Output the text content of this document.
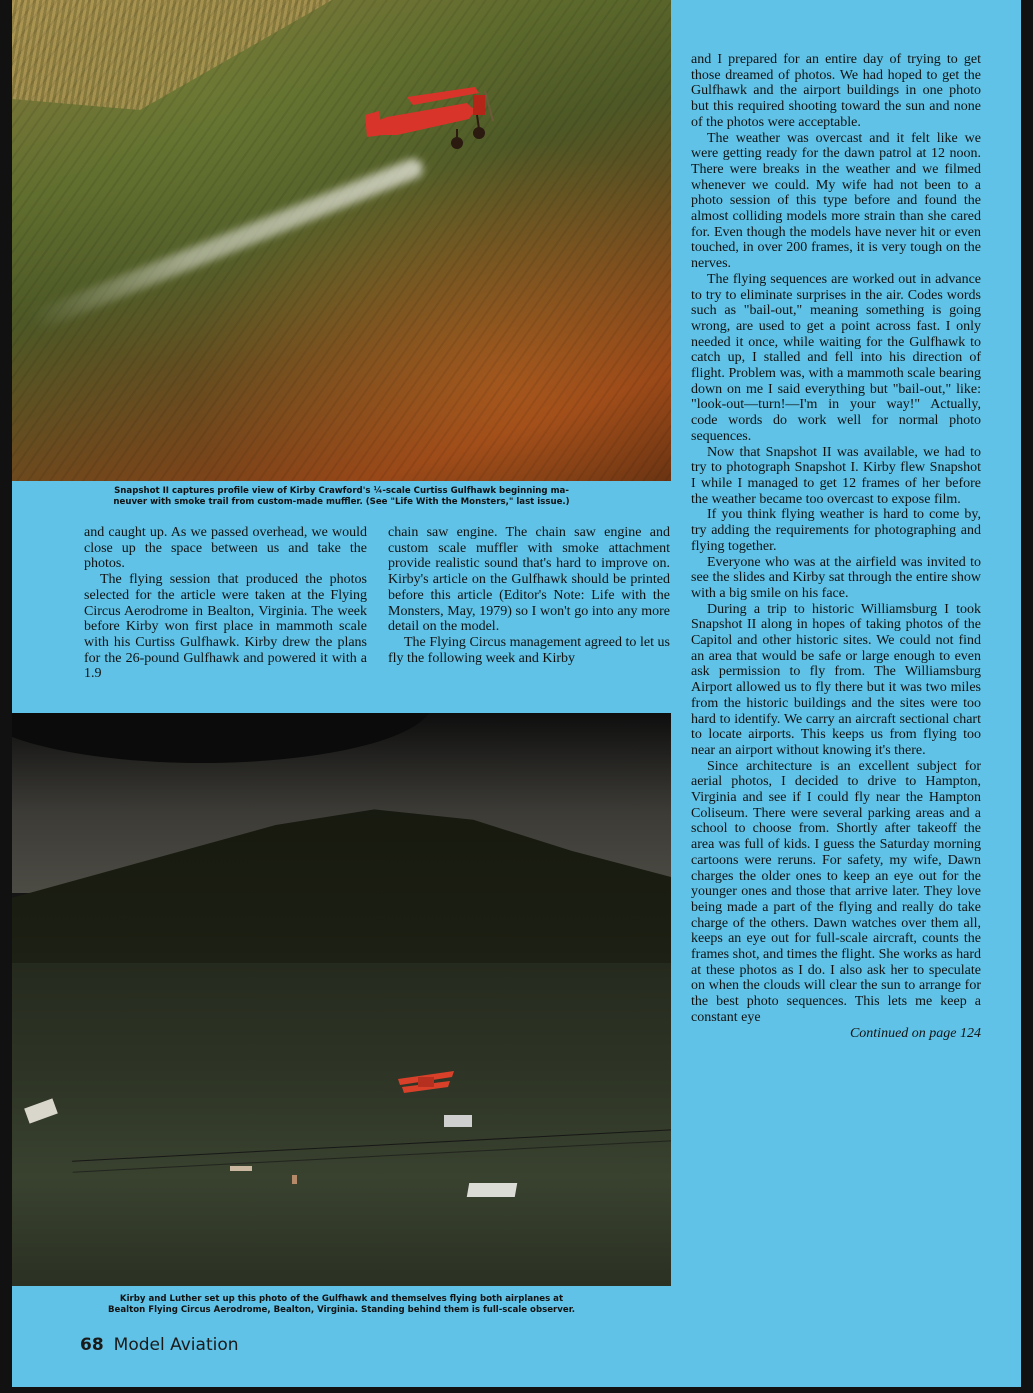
Snapshot II captures profile view of Kirby Crawford's ¼-scale Curtiss Gulfhawk beginning ma-
neuver with smoke trail from custom-made muffler. (See "Life With the Monsters," last issue.)

and caught up. As we passed overhead, we would close up the space between us and take the photos.

The flying session that produced the photos selected for the article were taken at the Flying Circus Aerodrome in Bealton, Virginia. The week before Kirby won first place in mammoth scale with his Curtiss Gulfhawk. Kirby drew the plans for the 26-pound Gulfhawk and powered it with a 1.9

chain saw engine. The chain saw engine and custom scale muffler with smoke attachment provide realistic sound that's hard to improve on. Kirby's article on the Gulfhawk should be printed before this article (Editor's Note: Life with the Monsters, May, 1979) so I won't go into any more detail on the model.

The Flying Circus management agreed to let us fly the following week and Kirby

Kirby and Luther set up this photo of the Gulfhawk and themselves flying both airplanes at
Bealton Flying Circus Aerodrome, Bealton, Virginia. Standing behind them is full-scale observer.

and I prepared for an entire day of trying to get those dreamed of photos. We had hoped to get the Gulfhawk and the airport buildings in one photo but this required shooting toward the sun and none of the photos were acceptable.

The weather was overcast and it felt like we were getting ready for the dawn patrol at 12 noon. There were breaks in the weather and we filmed whenever we could. My wife had not been to a photo session of this type before and found the almost colliding models more strain than she cared for. Even though the models have never hit or even touched, in over 200 frames, it is very tough on the nerves.

The flying sequences are worked out in advance to try to eliminate surprises in the air. Codes words such as "bail-out," meaning something is going wrong, are used to get a point across fast. I only needed it once, while waiting for the Gulfhawk to catch up, I stalled and fell into his direction of flight. Problem was, with a mammoth scale bearing down on me I said everything but "bail-out," like: "look-out—turn!—I'm in your way!" Actually, code words do work well for normal photo sequences.

Now that Snapshot II was available, we had to try to photograph Snapshot I. Kirby flew Snapshot I while I managed to get 12 frames of her before the weather became too overcast to expose film.

If you think flying weather is hard to come by, try adding the requirements for photographing and flying together.

Everyone who was at the airfield was invited to see the slides and Kirby sat through the entire show with a big smile on his face.

During a trip to historic Williamsburg I took Snapshot II along in hopes of taking photos of the Capitol and other historic sites. We could not find an area that would be safe or large enough to even ask permission to fly from. The Williamsburg Airport allowed us to fly there but it was two miles from the historic buildings and the sites were too hard to identify. We carry an aircraft sectional chart to locate airports. This keeps us from flying too near an airport without knowing it's there.

Since architecture is an excellent subject for aerial photos, I decided to drive to Hampton, Virginia and see if I could fly near the Hampton Coliseum. There were several parking areas and a school to choose from. Shortly after takeoff the area was full of kids. I guess the Saturday morning cartoons were reruns. For safety, my wife, Dawn charges the older ones to keep an eye out for the younger ones and those that arrive later. They love being made a part of the flying and really do take charge of the others. Dawn watches over them all, keeps an eye out for full-scale aircraft, counts the frames shot, and times the flight. She works as hard at these photos as I do. I also ask her to speculate on when the clouds will clear the sun to arrange for the best photo sequences. This lets me keep a constant eye

Continued on page 124
68 Model Aviation
